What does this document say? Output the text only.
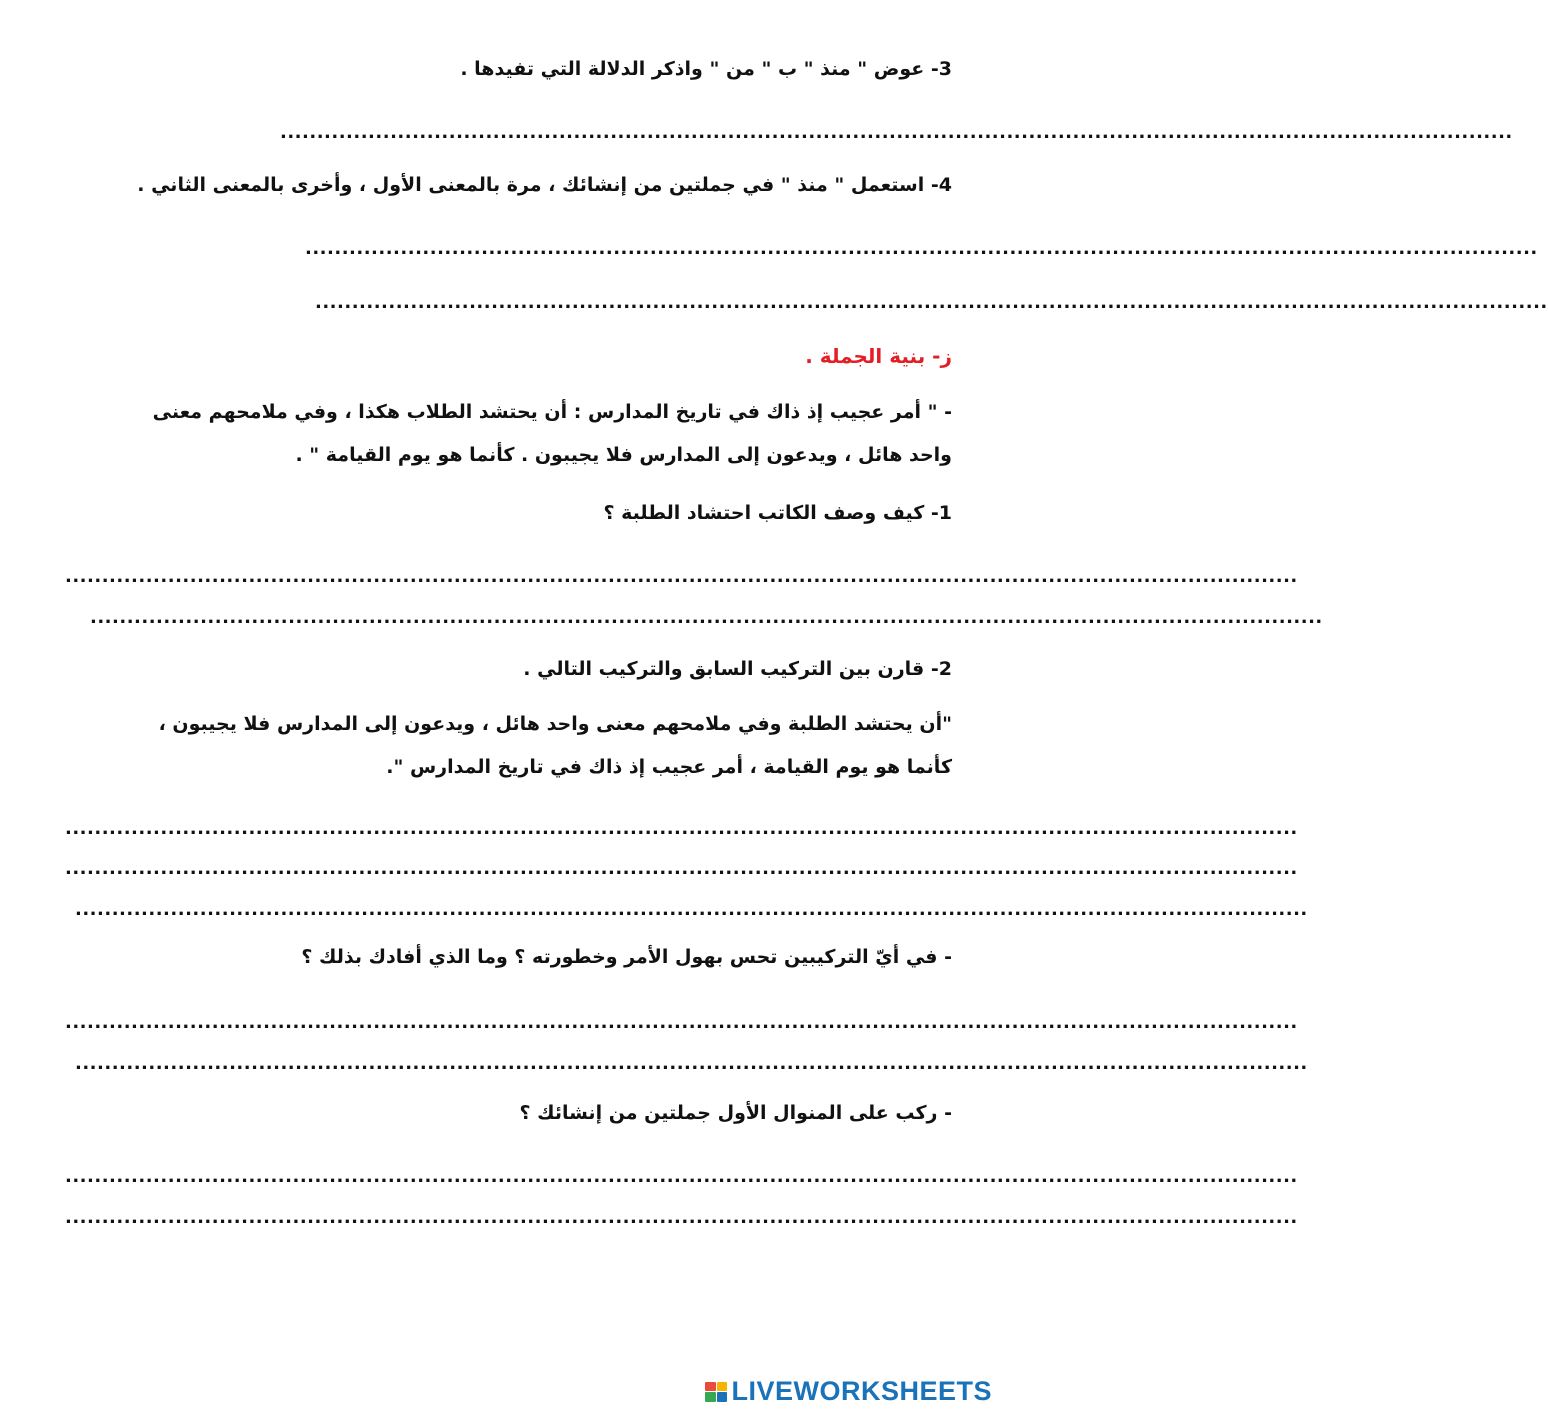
3- عوض " منذ " ب " من " واذكر الدلالة التي تفيدها .
........................................................................................................................................................................
4- استعمل " منذ " في جملتين من إنشائك ، مرة بالمعنى الأول ، وأخرى بالمعنى الثاني .
........................................................................................................................................................................
........................................................................................................................................................................
ز- بنية الجملة .
- " أمر عجيب إذ ذاك في تاريخ المدارس : أن يحتشد الطلاب هكذا ، وفي ملامحهم معنى
واحد هائل ، ويدعون إلى المدارس فلا يجيبون . كأنما هو يوم القيامة " .
1- كيف وصف الكاتب احتشاد الطلبة ؟
........................................................................................................................................................................
........................................................................................................................................................................
2- قارن بين التركيب السابق والتركيب التالي .
"أن يحتشد الطلبة وفي ملامحهم معنى واحد هائل ، ويدعون إلى المدارس فلا يجيبون ،
كأنما هو يوم القيامة ، أمر عجيب إذ ذاك في تاريخ المدارس ".
........................................................................................................................................................................
........................................................................................................................................................................
........................................................................................................................................................................
- في أيّ التركيبين تحس بهول الأمر وخطورته ؟ وما الذي أفادك بذلك ؟
........................................................................................................................................................................
........................................................................................................................................................................
- ركب على المنوال الأول جملتين من إنشائك ؟
........................................................................................................................................................................
........................................................................................................................................................................
LIVEWORKSHEETS
